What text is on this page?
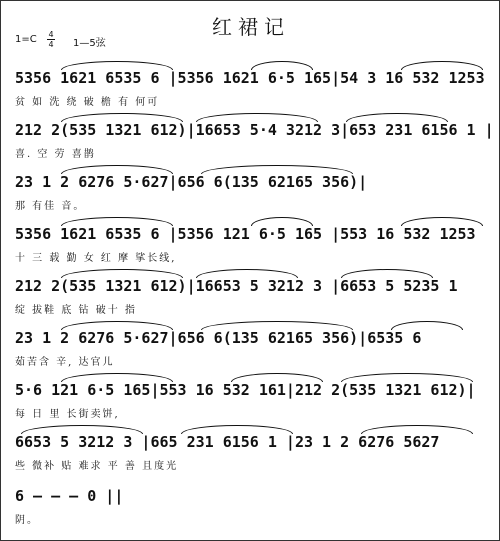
红裙记
1=C 4
4 1—5弦
5356 1621 6535 6 |5356 1621 6·5 165|54 3 16 532 1253
贫 如 洗 绕 破 檐 有 何可
212 2(535 1321 612)|16653 5·4 3212 3|653 231 6156 1 |
喜. 空 劳 喜鹊
23 1 2 6276 5·627|656 6(135 62165 356)|
那 有佳 音。
5356 1621 6535 6 |5356 121 6·5 165 |553 16 532 1253
十 三 载 勤 女 红 摩 挲长线,
212 2(535 1321 612)|16653 5 3212 3 |6653 5 5235 1
绽 拔鞋 底 钻 破十 指
23 1 2 6276 5·627|656 6(135 62165 356)|6535 6
茹苦含 辛, 达官儿
5·6 121 6·5 165|553 16 532 161|212 2(535 1321 612)|
每 日 里 长街卖饼,
6653 5 3212 3 |665 231 6156 1 |23 1 2 6276 5627
些 微补 贴 难求 平 善 且度光
6 — — — 0 ||
阴。
